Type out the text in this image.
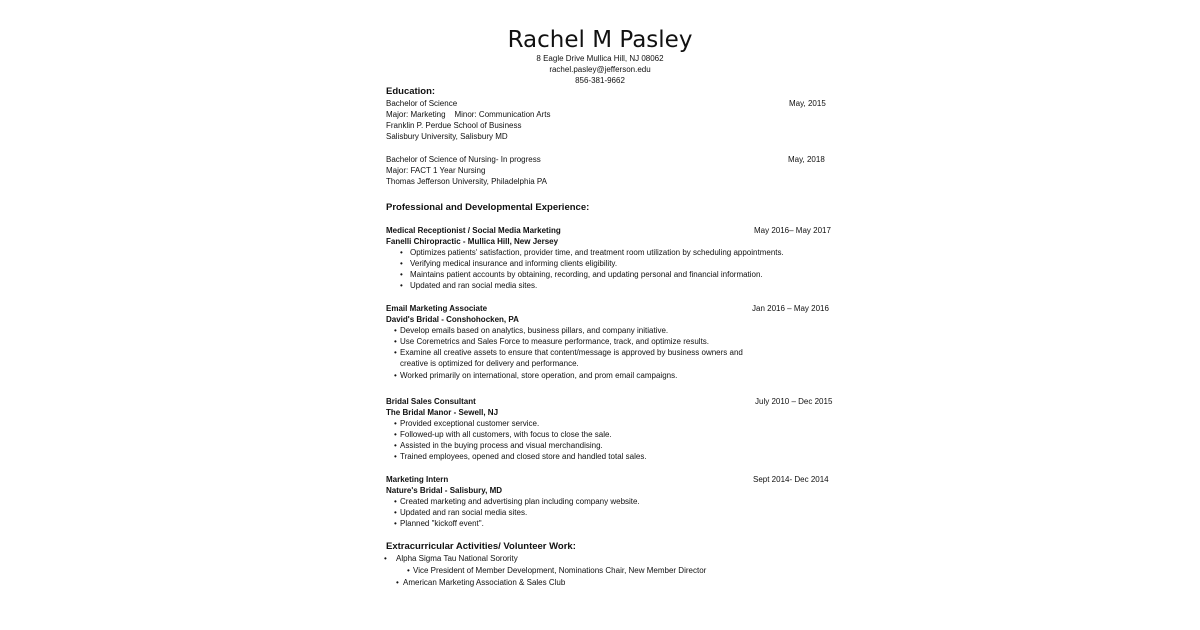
Rachel M Pasley
8 Eagle Drive Mullica Hill, NJ 08062
rachel.pasley@jefferson.edu
856-381-9662
Education:
Bachelor of Science	May, 2015
Major: Marketing    Minor: Communication Arts
Franklin P. Perdue School of Business
Salisbury University, Salisbury MD
Bachelor of Science of Nursing- In progress	May, 2018
Major: FACT 1 Year Nursing
Thomas Jefferson University, Philadelphia PA
Professional and Developmental Experience:
Medical Receptionist / Social Media Marketing	May 2016– May 2017
Fanelli Chiropractic - Mullica Hill, New Jersey
• Optimizes patients' satisfaction, provider time, and treatment room utilization by scheduling appointments.
• Verifying medical insurance and informing clients eligibility.
• Maintains patient accounts by obtaining, recording, and updating personal and financial information.
• Updated and ran social media sites.
Email Marketing Associate	Jan 2016 – May 2016
David's Bridal - Conshohocken, PA
• Develop emails based on analytics, business pillars, and company initiative.
• Use Coremetrics and Sales Force to measure performance, track, and optimize results.
• Examine all creative assets to ensure that content/message is approved by business owners and
creative is optimized for delivery and performance.
• Worked primarily on international, store operation, and prom email campaigns.
Bridal Sales Consultant	July 2010 – Dec 2015
The Bridal Manor - Sewell, NJ
• Provided exceptional customer service.
• Followed-up with all customers, with focus to close the sale.
• Assisted in the buying process and visual merchandising.
• Trained employees, opened and closed store and handled total sales.
Marketing Intern	Sept 2014- Dec 2014
Nature's Bridal - Salisbury, MD
• Created marketing and advertising plan including company website.
• Updated and ran social media sites.
• Planned "kickoff event".
Extracurricular Activities/ Volunteer Work:
• Alpha Sigma Tau National Sorority
• Vice President of Member Development, Nominations Chair, New Member Director
• American Marketing Association & Sales Club
